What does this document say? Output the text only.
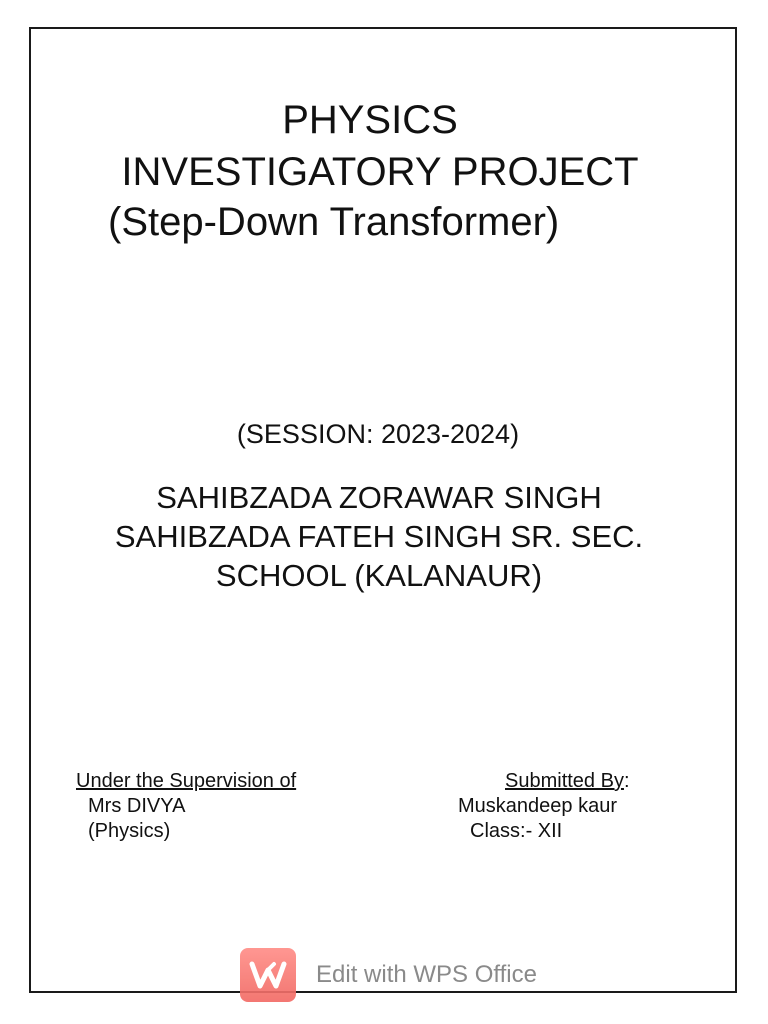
PHYSICS
INVESTIGATORY PROJECT
(Step-Down Transformer)
(SESSION: 2023-2024)
SAHIBZADA ZORAWAR SINGH
SAHIBZADA FATEH SINGH SR. SEC.
SCHOOL (KALANAUR)
Under the Supervision of
Mrs DIVYA
(Physics)
Submitted By:
Muskandeep kaur
Class:- XII
Edit with WPS Office
